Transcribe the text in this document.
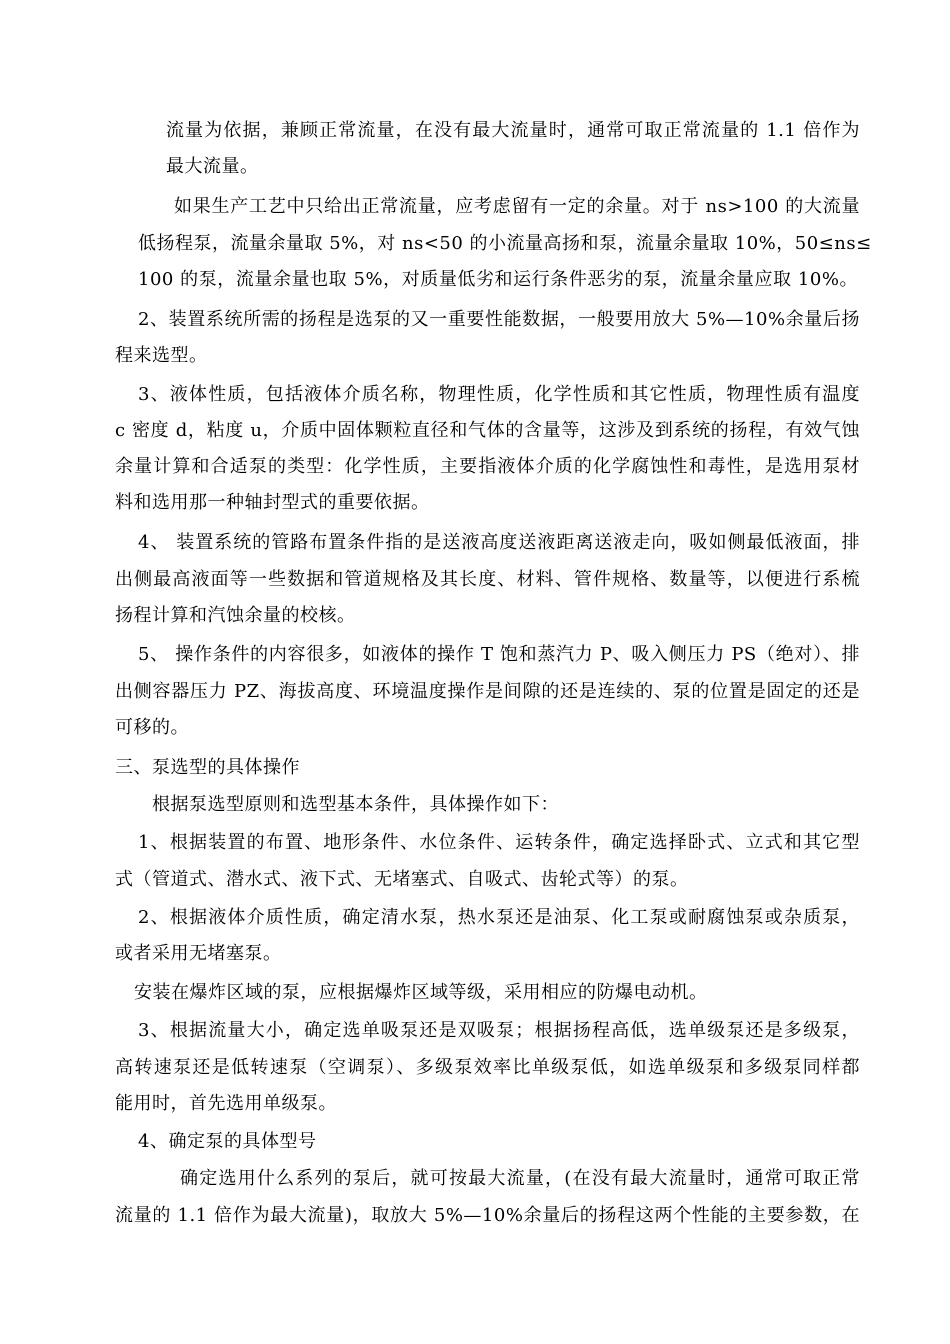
流量为依据，兼顾正常流量，在没有最大流量时，通常可取正常流量的 1.1 倍作为
最大流量。
如果生产工艺中只给出正常流量，应考虑留有一定的余量。对于 ns>100 的大流量
低扬程泵，流量余量取 5%，对 ns<50 的小流量高扬和泵，流量余量取 10%，50≤ns≤
100 的泵，流量余量也取 5%，对质量低劣和运行条件恶劣的泵，流量余量应取 10%。
2、装置系统所需的扬程是选泵的又一重要性能数据，一般要用放大 5%—10%余量后扬
程来选型。
3、液体性质，包括液体介质名称，物理性质，化学性质和其它性质，物理性质有温度
c 密度 d，粘度 u，介质中固体颗粒直径和气体的含量等，这涉及到系统的扬程，有效气蚀
余量计算和合适泵的类型：化学性质，主要指液体介质的化学腐蚀性和毒性，是选用泵材
料和选用那一种轴封型式的重要依据。
4、 装置系统的管路布置条件指的是送液高度送液距离送液走向，吸如侧最低液面，排
出侧最高液面等一些数据和管道规格及其长度、材料、管件规格、数量等，以便进行系梳
扬程计算和汽蚀余量的校核。
5、 操作条件的内容很多，如液体的操作 T 饱和蒸汽力 P、吸入侧压力 PS（绝对）、排
出侧容器压力 PZ、海拔高度、环境温度操作是间隙的还是连续的、泵的位置是固定的还是
可移的。
三、泵选型的具体操作
根据泵选型原则和选型基本条件，具体操作如下：
1、根据装置的布置、地形条件、水位条件、运转条件，确定选择卧式、立式和其它型
式（管道式、潜水式、液下式、无堵塞式、自吸式、齿轮式等）的泵。
2、根据液体介质性质，确定清水泵，热水泵还是油泵、化工泵或耐腐蚀泵或杂质泵，
或者采用无堵塞泵。
安装在爆炸区域的泵，应根据爆炸区域等级，采用相应的防爆电动机。
3、根据流量大小，确定选单吸泵还是双吸泵；根据扬程高低，选单级泵还是多级泵，
高转速泵还是低转速泵（空调泵）、多级泵效率比单级泵低，如选单级泵和多级泵同样都
能用时，首先选用单级泵。
4、确定泵的具体型号
确定选用什么系列的泵后，就可按最大流量，(在没有最大流量时，通常可取正常
流量的 1.1 倍作为最大流量)，取放大 5%—10%余量后的扬程这两个性能的主要参数，在
